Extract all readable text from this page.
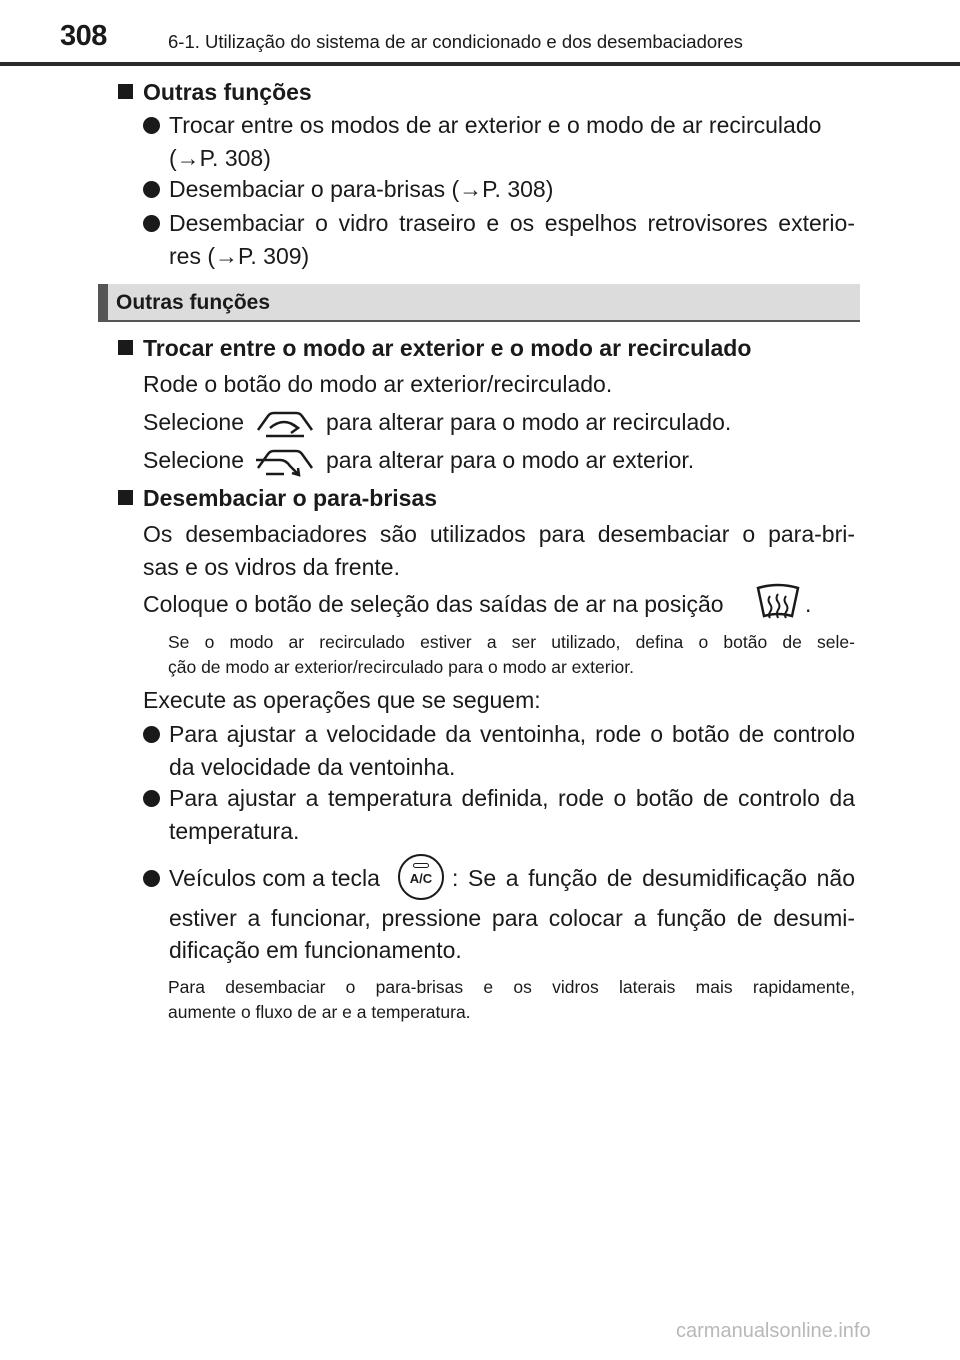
308	6-1. Utilização do sistema de ar condicionado e dos desembaciadores
Outras funções
Trocar entre os modos de ar exterior e o modo de ar recirculado
(→P. 308)
Desembaciar o para-brisas (→P. 308)
Desembaciar o vidro traseiro e os espelhos retrovisores exterio-
res (→P. 309)
Outras funções
Trocar entre o modo ar exterior e o modo ar recirculado
Rode o botão do modo ar exterior/recirculado.
Selecione	para alterar para o modo ar recirculado.
Selecione	para alterar para o modo ar exterior.
Desembaciar o para-brisas
Os desembaciadores são utilizados para desembaciar o para-bri-
sas e os vidros da frente.
Coloque o botão de seleção das saídas de ar na posição	.
Se o modo ar recirculado estiver a ser utilizado, defina o botão de sele-
ção de modo ar exterior/recirculado para o modo ar exterior.
Execute as operações que se seguem:
Para ajustar a velocidade da ventoinha, rode o botão de controlo
da velocidade da ventoinha.
Para ajustar a temperatura definida, rode o botão de controlo da
temperatura.
Veículos com a tecla	A/C : Se a função de desumidificação não
estiver a funcionar, pressione para colocar a função de desumi-
dificação em funcionamento.
Para desembaciar o para-brisas e os vidros laterais mais rapidamente,
aumente o fluxo de ar e a temperatura.
carmanualsonline.info
